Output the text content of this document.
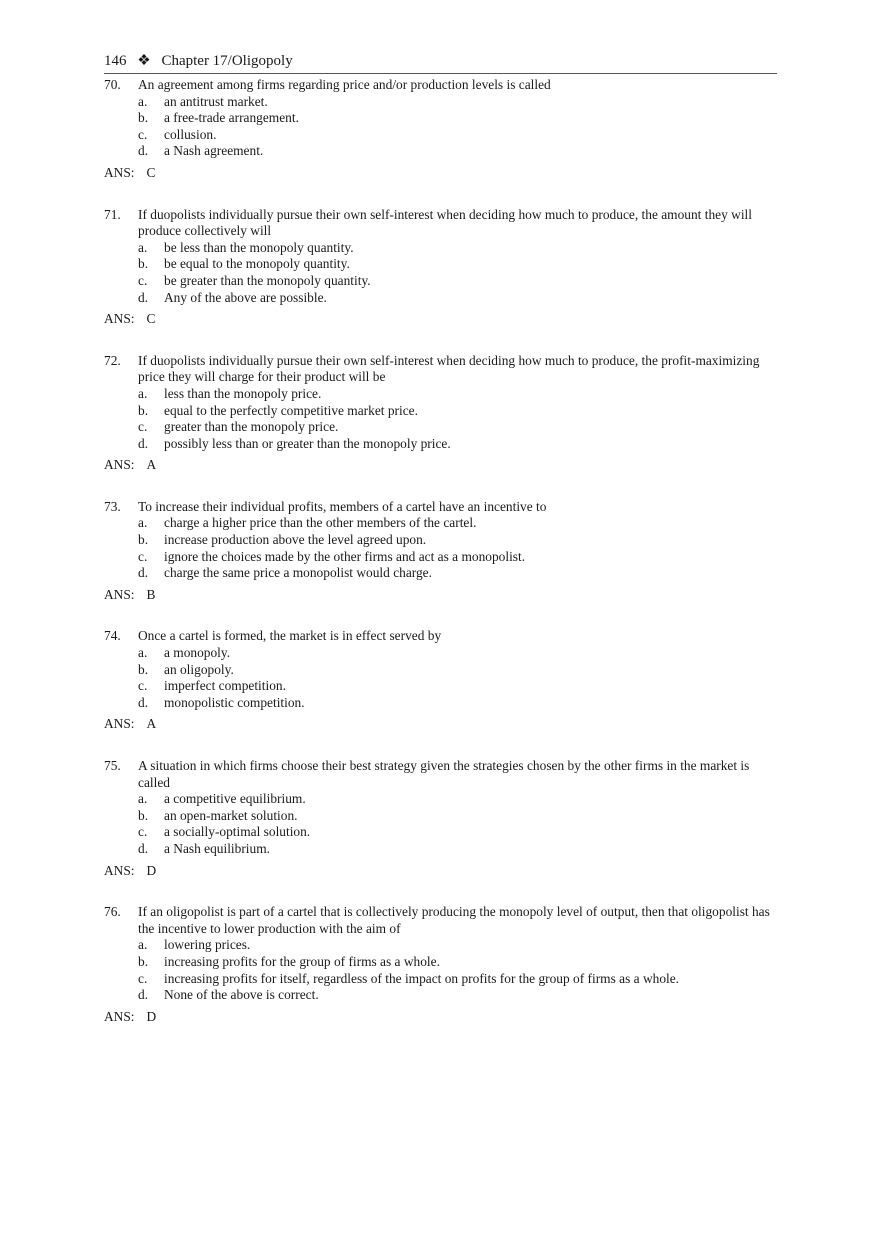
146 ❖ Chapter 17/Oligopoly
70. An agreement among firms regarding price and/or production levels is called
a. an antitrust market.
b. a free-trade arrangement.
c. collusion.
d. a Nash agreement.
ANS: C
71. If duopolists individually pursue their own self-interest when deciding how much to produce, the amount they will produce collectively will
a. be less than the monopoly quantity.
b. be equal to the monopoly quantity.
c. be greater than the monopoly quantity.
d. Any of the above are possible.
ANS: C
72. If duopolists individually pursue their own self-interest when deciding how much to produce, the profit-maximizing price they will charge for their product will be
a. less than the monopoly price.
b. equal to the perfectly competitive market price.
c. greater than the monopoly price.
d. possibly less than or greater than the monopoly price.
ANS: A
73. To increase their individual profits, members of a cartel have an incentive to
a. charge a higher price than the other members of the cartel.
b. increase production above the level agreed upon.
c. ignore the choices made by the other firms and act as a monopolist.
d. charge the same price a monopolist would charge.
ANS: B
74. Once a cartel is formed, the market is in effect served by
a. a monopoly.
b. an oligopoly.
c. imperfect competition.
d. monopolistic competition.
ANS: A
75. A situation in which firms choose their best strategy given the strategies chosen by the other firms in the market is called
a. a competitive equilibrium.
b. an open-market solution.
c. a socially-optimal solution.
d. a Nash equilibrium.
ANS: D
76. If an oligopolist is part of a cartel that is collectively producing the monopoly level of output, then that oligopolist has the incentive to lower production with the aim of
a. lowering prices.
b. increasing profits for the group of firms as a whole.
c. increasing profits for itself, regardless of the impact on profits for the group of firms as a whole.
d. None of the above is correct.
ANS: D
